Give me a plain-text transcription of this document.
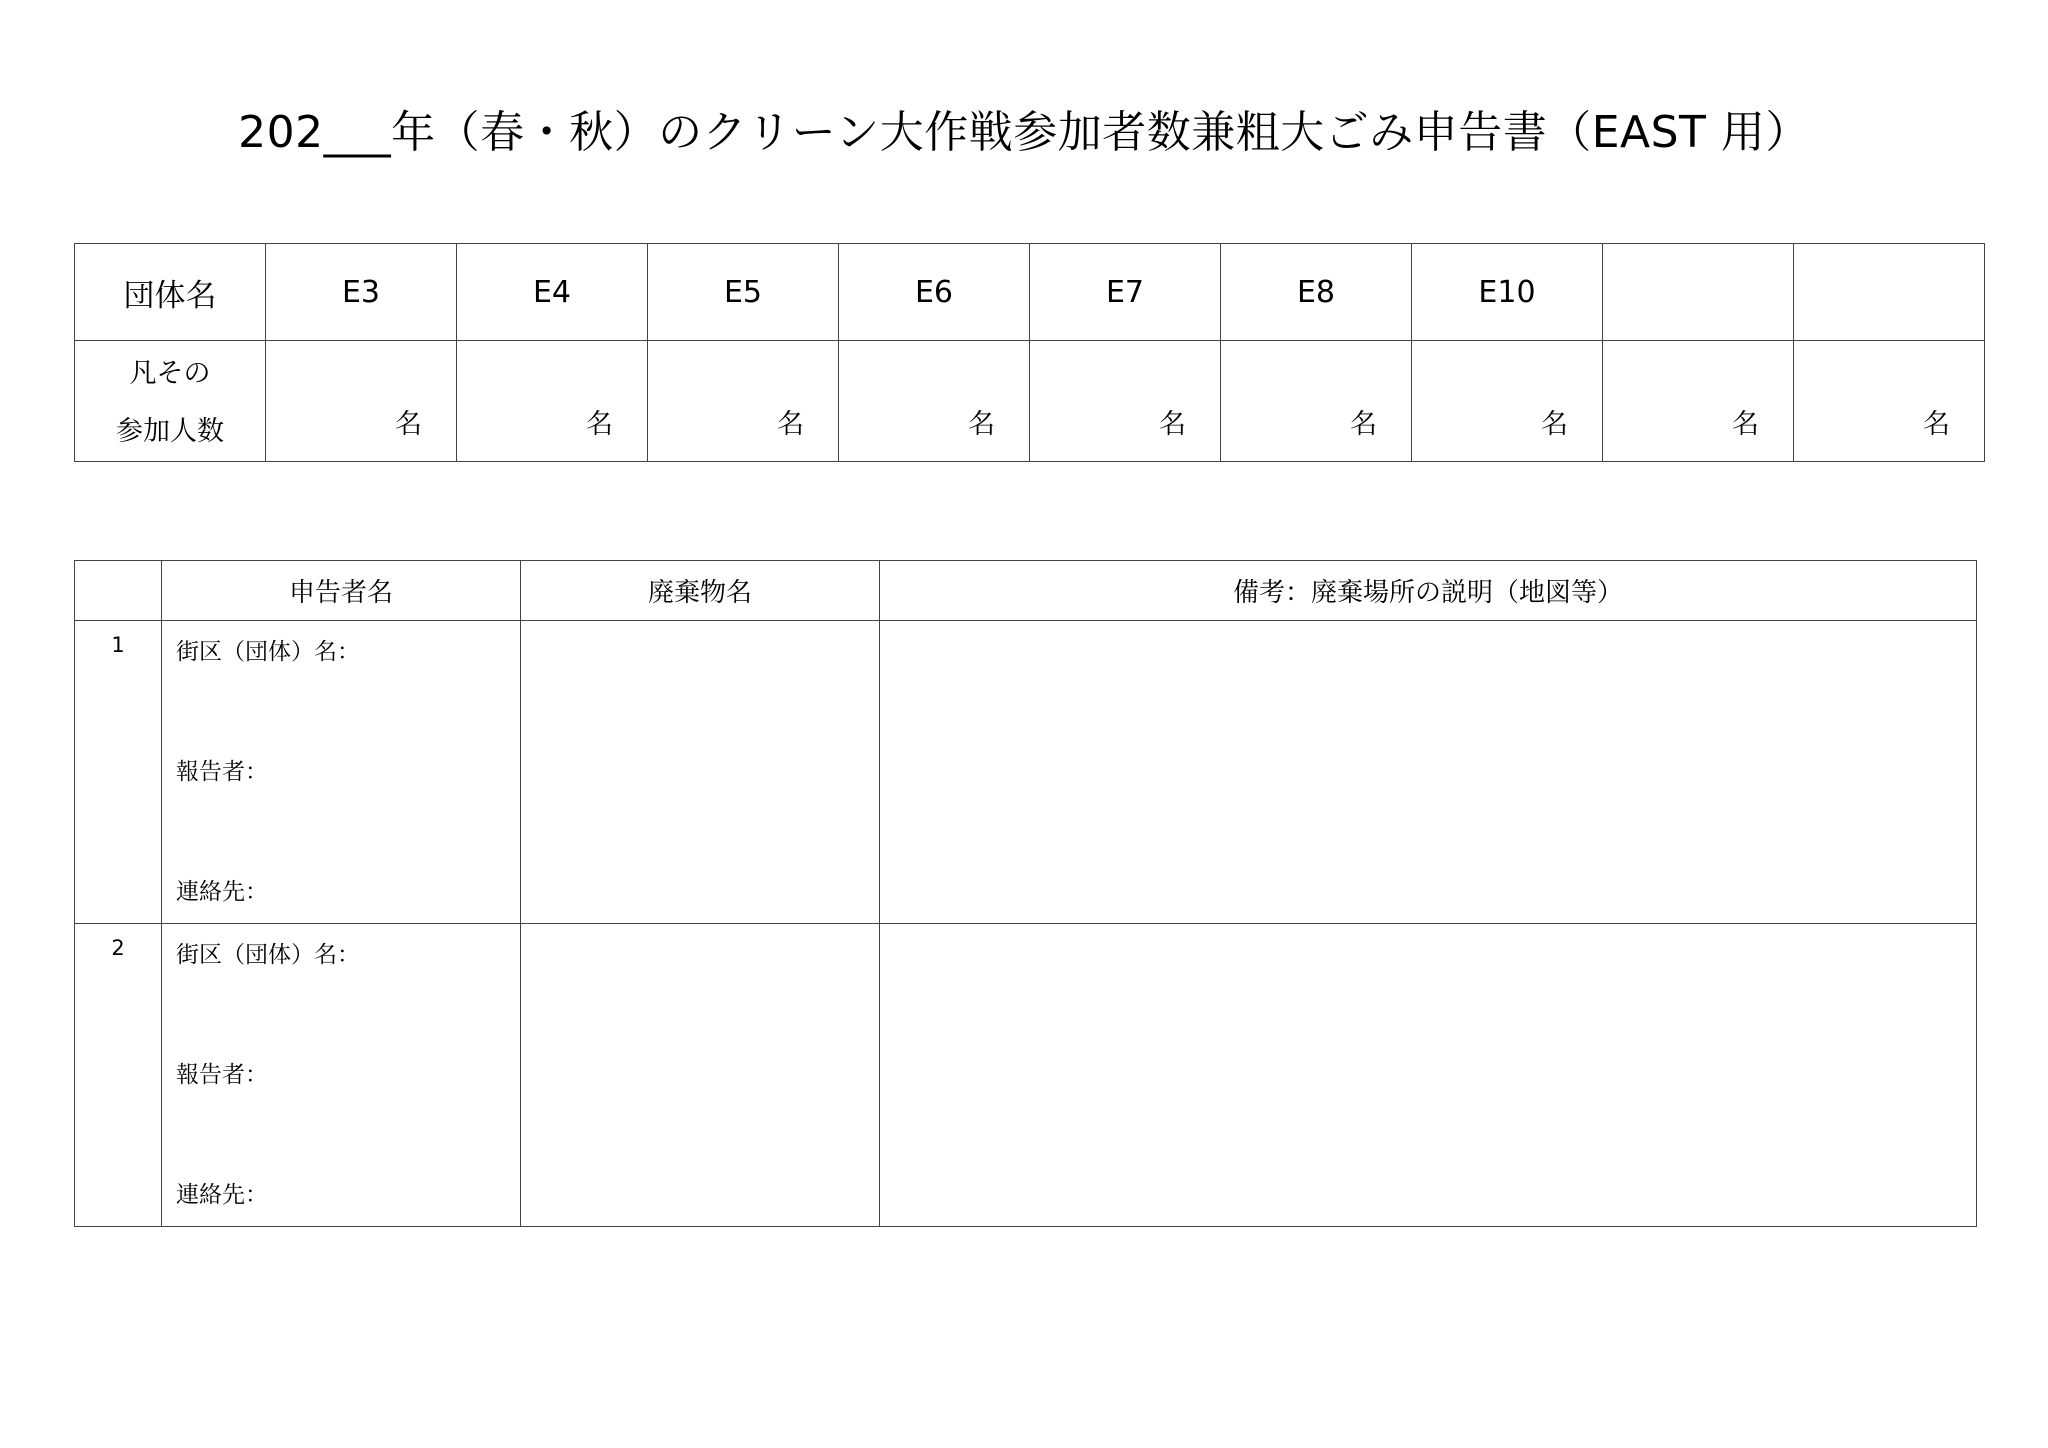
202___年（春・秋）のクリーン大作戦参加者数兼粗大ごみ申告書（EAST 用）
団体名	E3	E4	E5	E6	E7	E8	E10		

凡その
参加人数	名	名	名	名	名	名	名	名	名
	申告者名	廃棄物名	備考：廃棄場所の説明（地図等）

1	街区（団体）名：
報告者：
連絡先：		

2	街区（団体）名：
報告者：
連絡先：		
